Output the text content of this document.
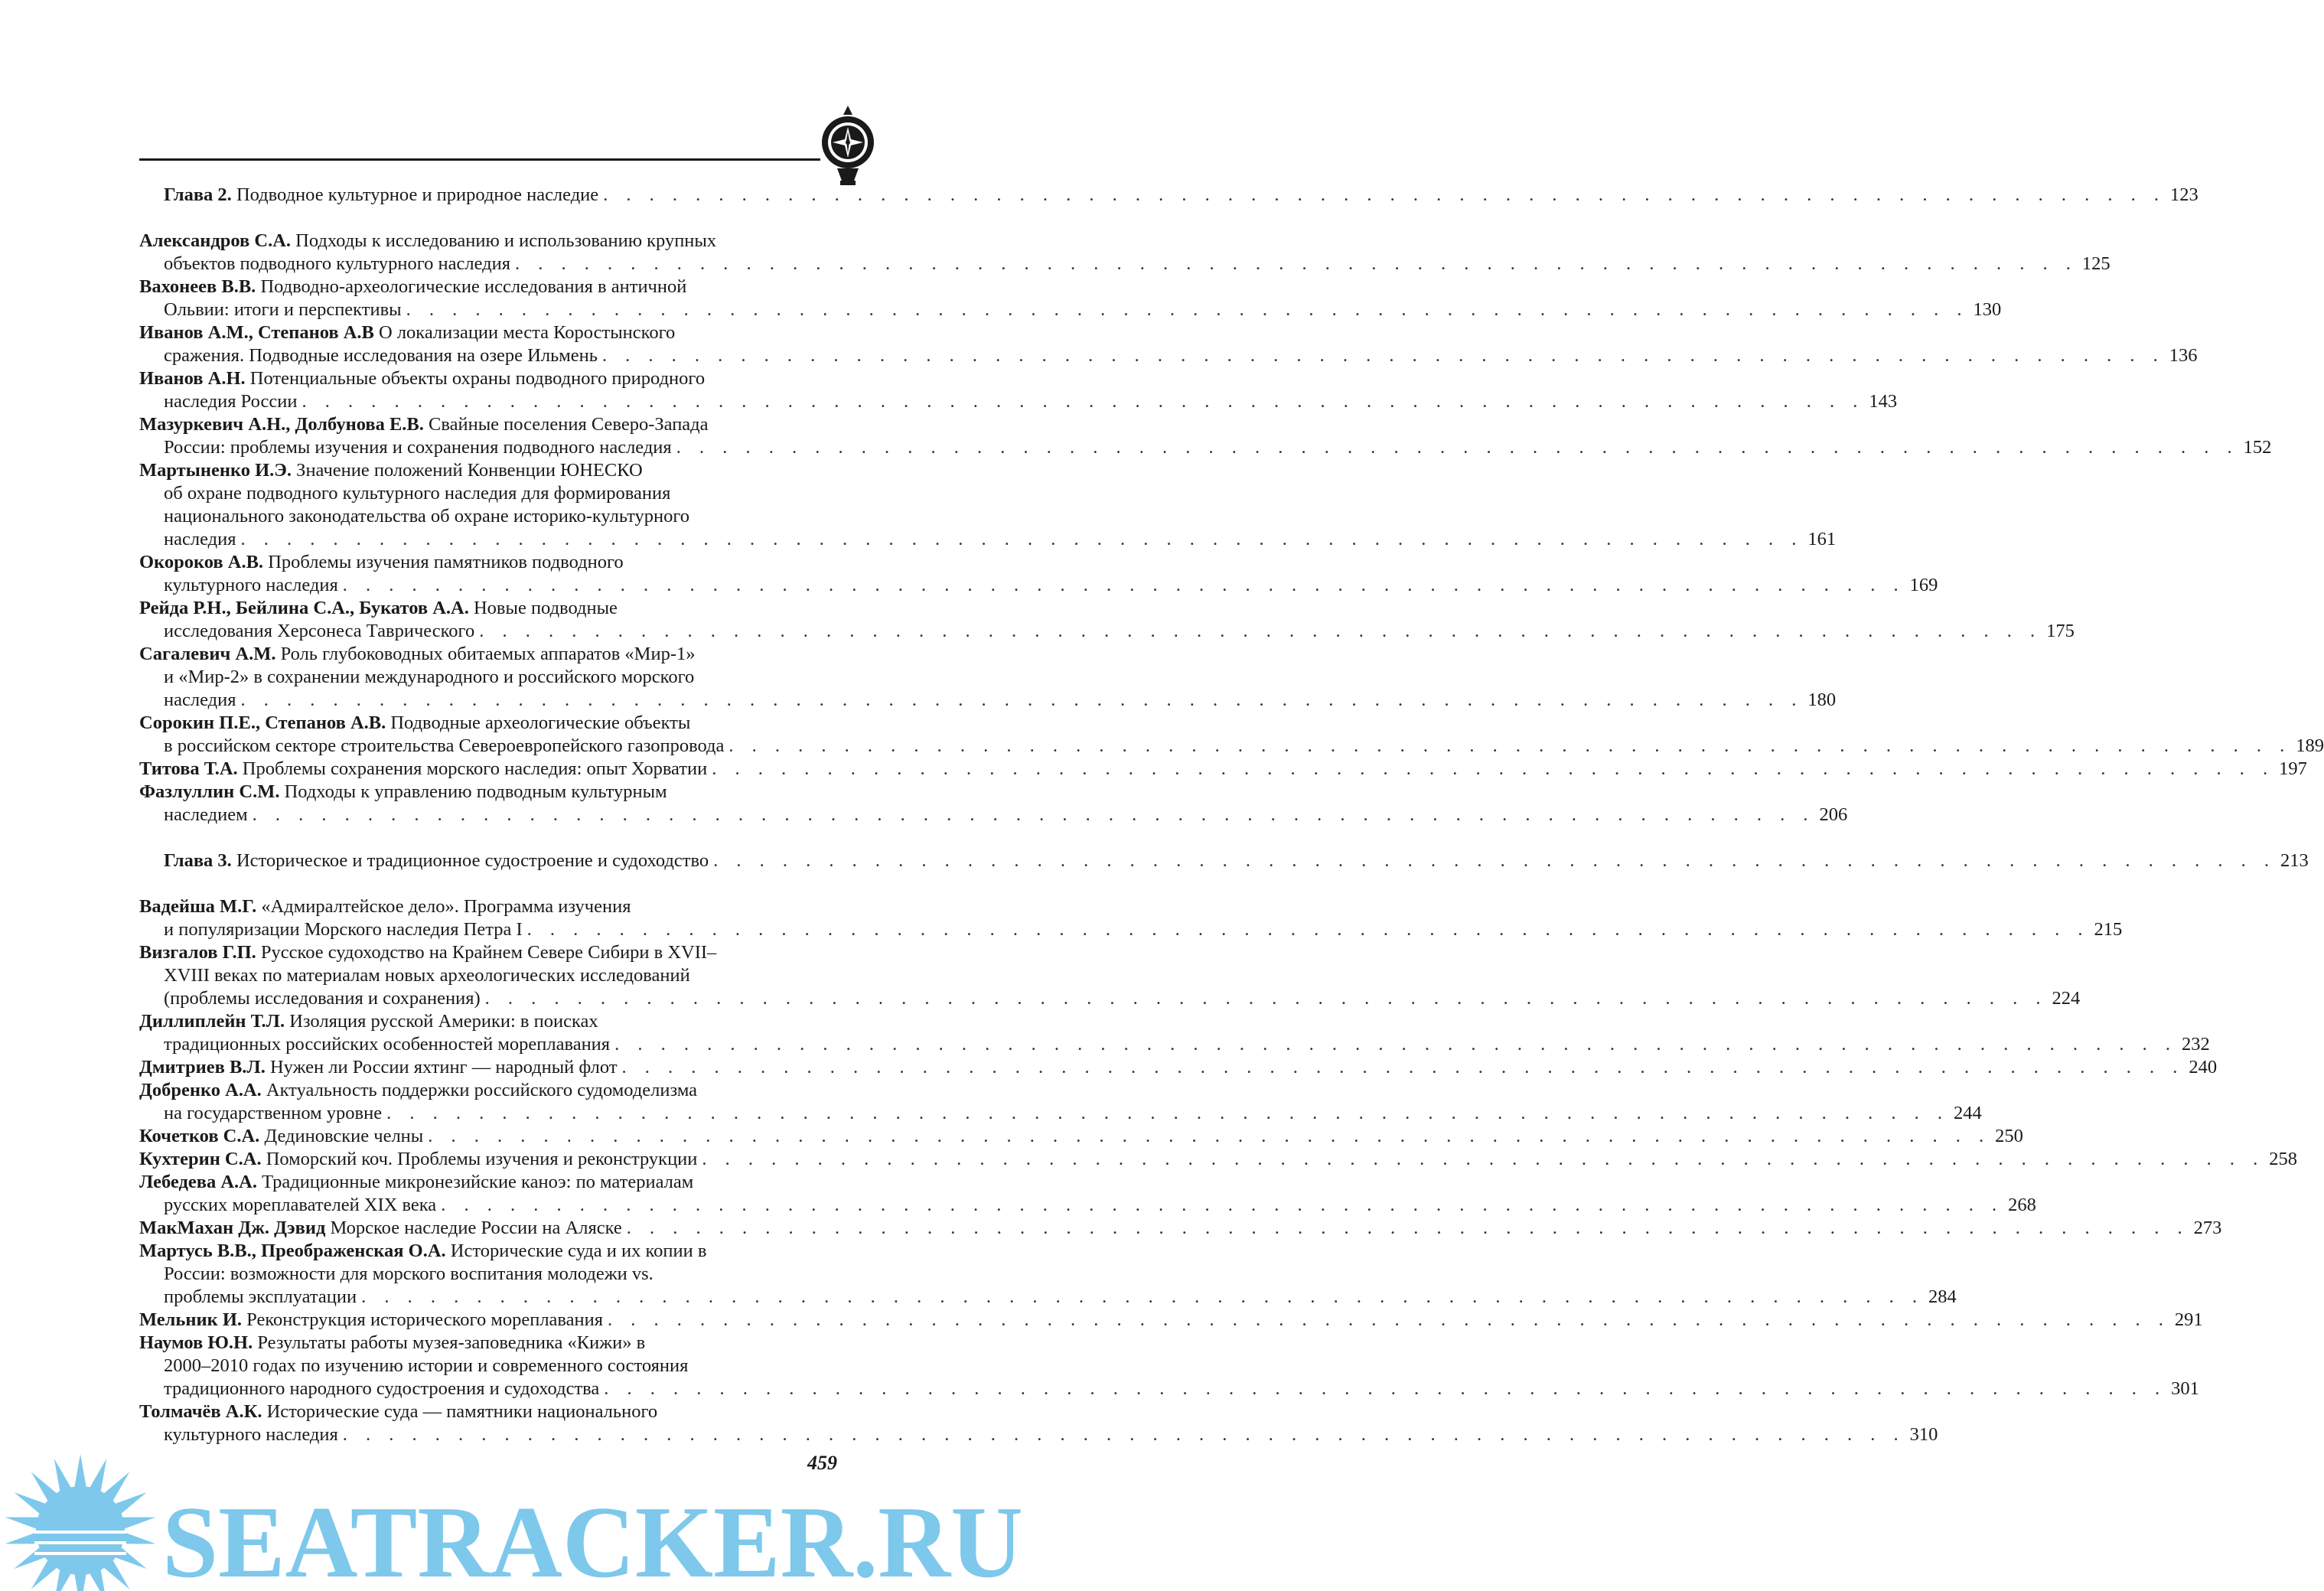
Глава 2.
Подводное культурное и природное наследие . . . . . . . . . . . . . . . . . . . . . . . . . . . . . . . . . . . . . . . . . . . . . . . . . . . . . . . . . . . . . . . . . . . . 123
Александров С.А.
Подходы к исследованию и использованию крупных
объектов подводного культурного наследия . . . . . . . . . . . . . . . . . . . . . . . . . . . . . . . . . . . . . . . . . . . . . . . . . . . . . . . . . . . . . . . . . . . . 125
Вахонеев В.В.
Подводно-археологические исследования в античной
Ольвии: итоги и перспективы . . . . . . . . . . . . . . . . . . . . . . . . . . . . . . . . . . . . . . . . . . . . . . . . . . . . . . . . . . . . . . . . . . . . 130
Иванов А.М., Степанов А.В
О локализации места Коростынского
сражения. Подводные исследования на озере Ильмень . . . . . . . . . . . . . . . . . . . . . . . . . . . . . . . . . . . . . . . . . . . . . . . . . . . . . . . . . . . . . . . . . . . . 136
Иванов А.Н.
Потенциальные объекты охраны подводного природного
наследия России . . . . . . . . . . . . . . . . . . . . . . . . . . . . . . . . . . . . . . . . . . . . . . . . . . . . . . . . . . . . . . . . . . . . 143
Мазуркевич А.Н., Долбунова Е.В.
Свайные поселения Северо-Запада
России: проблемы изучения и сохранения подводного наследия . . . . . . . . . . . . . . . . . . . . . . . . . . . . . . . . . . . . . . . . . . . . . . . . . . . . . . . . . . . . . . . . . . . . 152
Мартыненко И.Э.
Значение положений Конвенции ЮНЕСКО
об охране подводного культурного наследия для формирования
национального законодательства об охране историко-культурного
наследия . . . . . . . . . . . . . . . . . . . . . . . . . . . . . . . . . . . . . . . . . . . . . . . . . . . . . . . . . . . . . . . . . . . . 161
Окороков А.В.
Проблемы изучения памятников подводного
культурного наследия . . . . . . . . . . . . . . . . . . . . . . . . . . . . . . . . . . . . . . . . . . . . . . . . . . . . . . . . . . . . . . . . . . . . 169
Рейда Р.Н., Бейлина С.А., Букатов А.А.
Новые подводные
исследования Херсонеса Таврического . . . . . . . . . . . . . . . . . . . . . . . . . . . . . . . . . . . . . . . . . . . . . . . . . . . . . . . . . . . . . . . . . . . . 175
Сагалевич А.М.
Роль глубоководных обитаемых аппаратов «Мир-1»
и «Мир-2» в сохранении международного и российского морского
наследия . . . . . . . . . . . . . . . . . . . . . . . . . . . . . . . . . . . . . . . . . . . . . . . . . . . . . . . . . . . . . . . . . . . . 180
Сорокин П.Е., Степанов А.В.
Подводные археологические объекты
в российском секторе строительства Североевропейского газопровода . . . . . . . . . . . . . . . . . . . . . . . . . . . . . . . . . . . . . . . . . . . . . . . . . . . . . . . . . . . . . . . . . . . . 189
Титова Т.А.
Проблемы сохранения морского наследия: опыт Хорватии . . . . . . . . . . . . . . . . . . . . . . . . . . . . . . . . . . . . . . . . . . . . . . . . . . . . . . . . . . . . . . . . . . . . 197
Фазлуллин С.М.
Подходы к управлению подводным культурным
наследием . . . . . . . . . . . . . . . . . . . . . . . . . . . . . . . . . . . . . . . . . . . . . . . . . . . . . . . . . . . . . . . . . . . . 206
Глава 3.
Историческое и традиционное судостроение и судоходство . . . . . . . . . . . . . . . . . . . . . . . . . . . . . . . . . . . . . . . . . . . . . . . . . . . . . . . . . . . . . . . . . . . . 213
Вадейша М.Г.
«Адмиралтейское дело». Программа изучения
и популяризации Морского наследия Петра I . . . . . . . . . . . . . . . . . . . . . . . . . . . . . . . . . . . . . . . . . . . . . . . . . . . . . . . . . . . . . . . . . . . . 215
Визгалов Г.П.
Русское судоходство на Крайнем Севере Сибири в XVII–
XVIII веках по материалам новых археологических исследований
(проблемы исследования и сохранения) . . . . . . . . . . . . . . . . . . . . . . . . . . . . . . . . . . . . . . . . . . . . . . . . . . . . . . . . . . . . . . . . . . . . 224
Диллиплейн Т.Л.
Изоляция русской Америки: в поисках
традиционных российских особенностей мореплавания . . . . . . . . . . . . . . . . . . . . . . . . . . . . . . . . . . . . . . . . . . . . . . . . . . . . . . . . . . . . . . . . . . . . 232
Дмитриев В.Л.
Нужен ли России яхтинг — народный флот . . . . . . . . . . . . . . . . . . . . . . . . . . . . . . . . . . . . . . . . . . . . . . . . . . . . . . . . . . . . . . . . . . . . 240
Добренко А.А.
Актуальность поддержки российского судомоделизма
на государственном уровне . . . . . . . . . . . . . . . . . . . . . . . . . . . . . . . . . . . . . . . . . . . . . . . . . . . . . . . . . . . . . . . . . . . . 244
Кочетков С.А.
Дединовские челны . . . . . . . . . . . . . . . . . . . . . . . . . . . . . . . . . . . . . . . . . . . . . . . . . . . . . . . . . . . . . . . . . . . . 250
Кухтерин С.А.
Поморский коч. Проблемы изучения и реконструкции . . . . . . . . . . . . . . . . . . . . . . . . . . . . . . . . . . . . . . . . . . . . . . . . . . . . . . . . . . . . . . . . . . . . 258
Лебедева А.А.
Традиционные микронезийские каноэ: по материалам
русских мореплавателей XIX века . . . . . . . . . . . . . . . . . . . . . . . . . . . . . . . . . . . . . . . . . . . . . . . . . . . . . . . . . . . . . . . . . . . . 268
МакМахан Дж. Дэвид
Морское наследие России на Аляске . . . . . . . . . . . . . . . . . . . . . . . . . . . . . . . . . . . . . . . . . . . . . . . . . . . . . . . . . . . . . . . . . . . . 273
Мартусь В.В., Преображенская О.А.
Исторические суда и их копии в
России: возможности для морского воспитания молодежи vs.
проблемы эксплуатации . . . . . . . . . . . . . . . . . . . . . . . . . . . . . . . . . . . . . . . . . . . . . . . . . . . . . . . . . . . . . . . . . . . . 284
Мельник И.
Реконструкция исторического мореплавания . . . . . . . . . . . . . . . . . . . . . . . . . . . . . . . . . . . . . . . . . . . . . . . . . . . . . . . . . . . . . . . . . . . . 291
Наумов Ю.Н.
Результаты работы музея-заповедника «Кижи» в
2000–2010 годах по изучению истории и современного состояния
традиционного народного судостроения и судоходства . . . . . . . . . . . . . . . . . . . . . . . . . . . . . . . . . . . . . . . . . . . . . . . . . . . . . . . . . . . . . . . . . . . . 301
Толмачёв А.К.
Исторические суда — памятники национального
культурного наследия . . . . . . . . . . . . . . . . . . . . . . . . . . . . . . . . . . . . . . . . . . . . . . . . . . . . . . . . . . . . . . . . . . . . 310
459
SEATRACKER.RU
